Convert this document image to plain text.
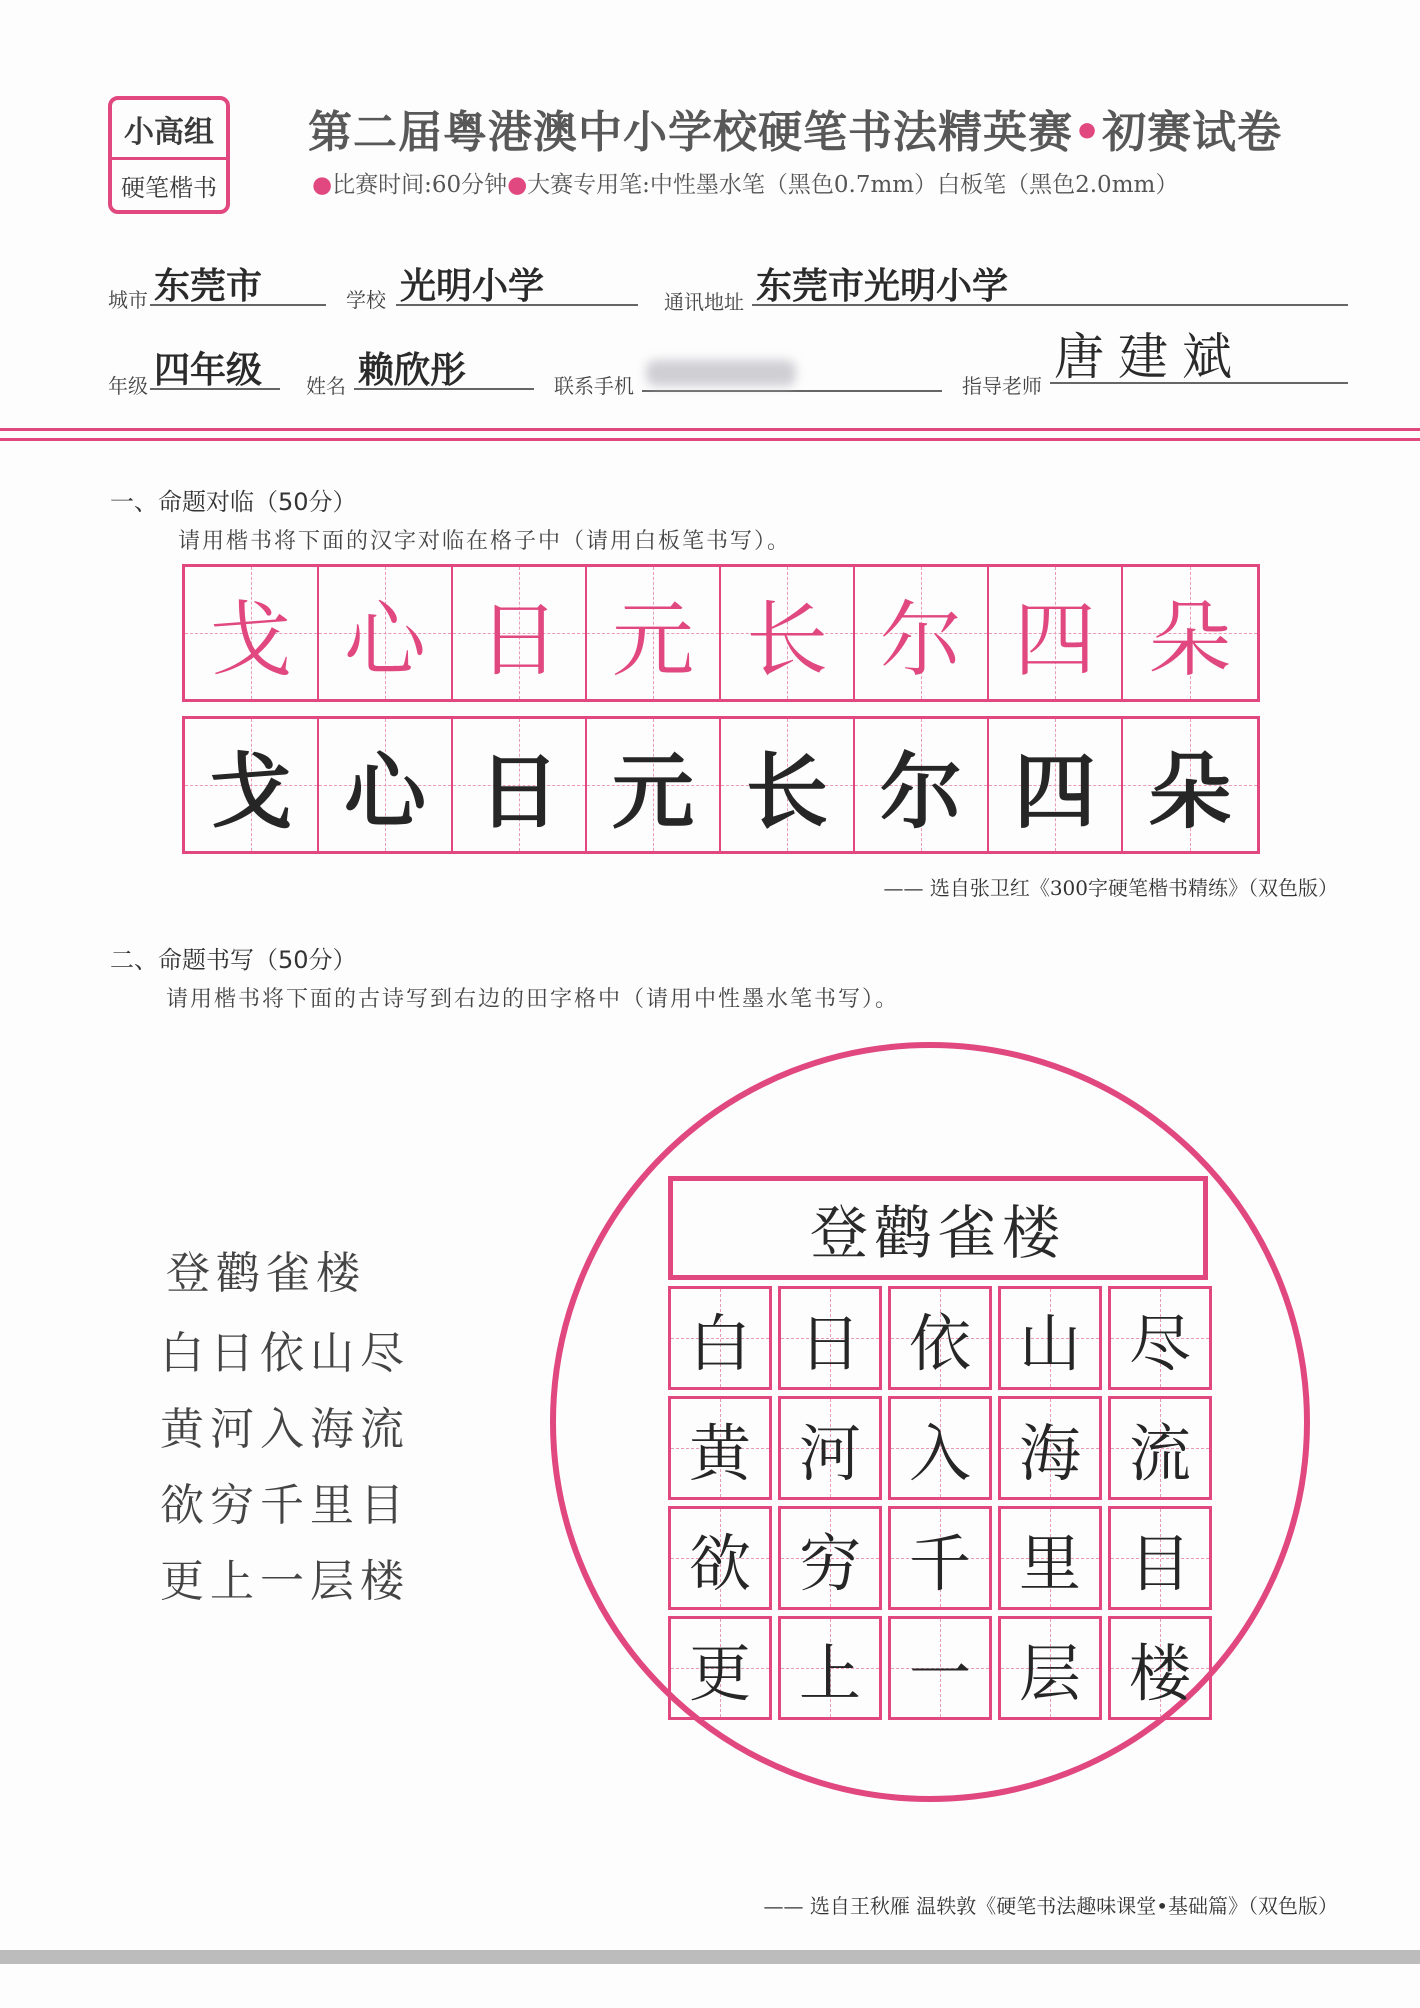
小高组
硬笔楷书
第二届粤港澳中小学校硬笔书法精英赛•初赛试卷
●比赛时间:60分钟●大赛专用笔:中性墨水笔（黑色0.7mm）白板笔（黑色2.0mm）
城市 东莞市	学校 光明小学	通讯地址 东莞市光明小学
年级 四年级	姓名 赖欣彤	联系手机	指导老师 唐建斌
一、命题对临（50分）
请用楷书将下面的汉字对临在格子中（请用白板笔书写）。
戈 心 日 元 长 尔 四 朵
戈 心 日 元 长 尔 四 朵
—— 选自张卫红《300字硬笔楷书精练》（双色版）
二、命题书写（50分）
请用楷书将下面的古诗写到右边的田字格中（请用中性墨水笔书写）。
登鹳雀楼
白日依山尽
黄河入海流
欲穷千里目
更上一层楼
登鹳雀楼
白 日 依 山 尽
黄 河 入 海 流
欲 穷 千 里 目
更 上 一 层 楼
—— 选自王秋雁 温轶敦《硬笔书法趣味课堂•基础篇》（双色版）
